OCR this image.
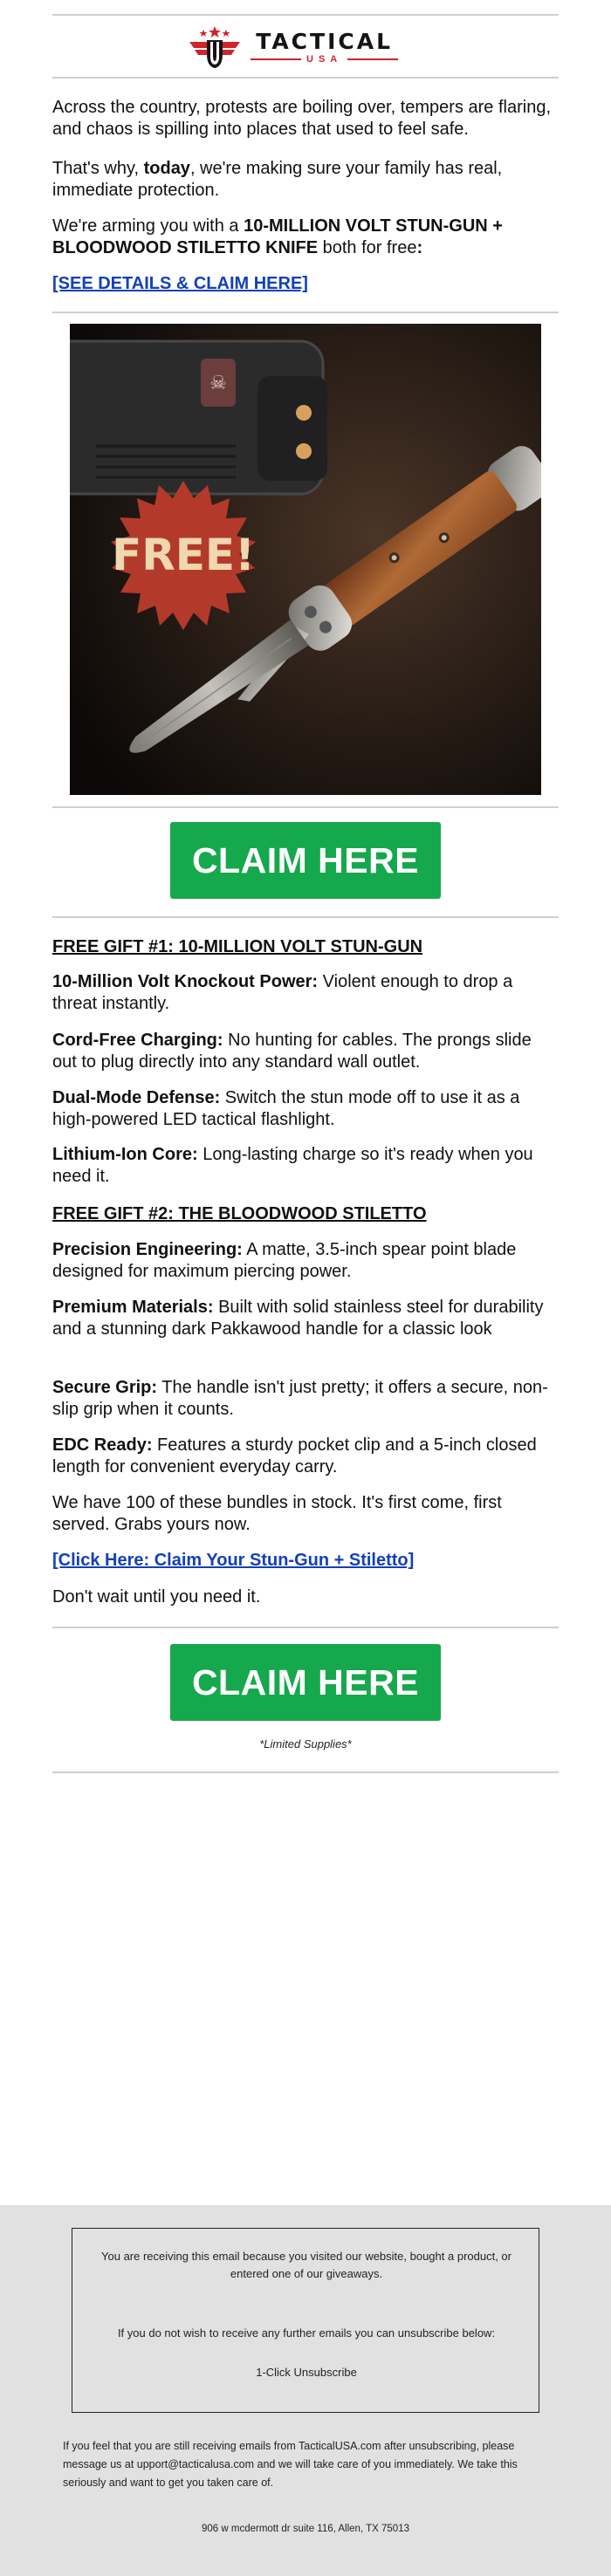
TACTICAL
USA

Across the country, protests are boiling over, tempers are flaring, and chaos is spilling into places that used to feel safe.

That's why, today, we're making sure your family has real, immediate protection.

We're arming you with a 10-MILLION VOLT STUN-GUN + BLOODWOOD STILETTO KNIFE both for free:

[SEE DETAILS & CLAIM HERE]
☠
FREE!
CLAIM HERE
FREE GIFT #1: 10-MILLION VOLT STUN-GUN

10-Million Volt Knockout Power: Violent enough to drop a threat instantly.

Cord-Free Charging: No hunting for cables. The prongs slide out to plug directly into any standard wall outlet.

Dual-Mode Defense: Switch the stun mode off to use it as a high-powered LED tactical flashlight.

Lithium-Ion Core: Long-lasting charge so it's ready when you need it.

FREE GIFT #2: THE BLOODWOOD STILETTO

Precision Engineering: A matte, 3.5-inch spear point blade designed for maximum piercing power.

Premium Materials: Built with solid stainless steel for durability and a stunning dark Pakkawood handle for a classic look

Secure Grip: The handle isn't just pretty; it offers a secure, non-slip grip when it counts.

EDC Ready: Features a sturdy pocket clip and a 5-inch closed length for convenient everyday carry.

We have 100 of these bundles in stock. It's first come, first served. Grabs yours now.

[Click Here: Claim Your Stun-Gun + Stiletto]

Don't wait until you need it.

CLAIM HERE

*Limited Supplies*

You are receiving this email because you visited our website, bought a product, or entered one of our giveaways.

If you do not wish to receive any further emails you can unsubscribe below:

1-Click Unsubscribe

If you feel that you are still receiving emails from TacticalUSA.com after unsubscribing, please message us at upport@tacticalusa.com and we will take care of you immediately. We take this seriously and want to get you taken care of.

906 w mcdermott dr suite 116, Allen, TX 75013
